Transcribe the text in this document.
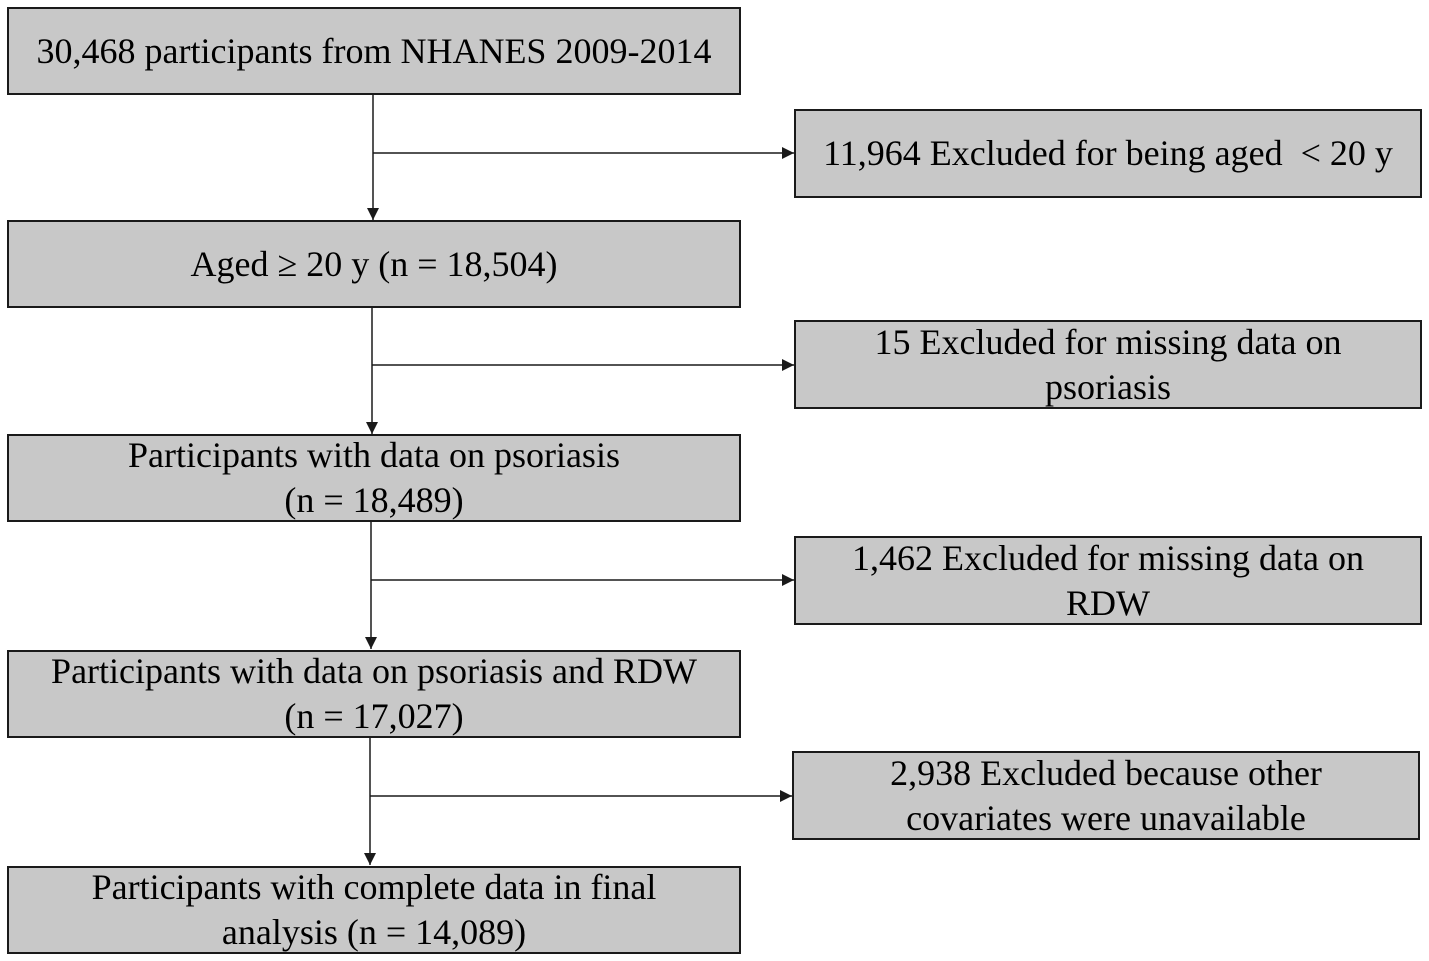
30,468 participants from NHANES 2009-2014
Aged ≥ 20 y (n = 18,504)
Participants with data on psoriasis
(n = 18,489)
Participants with data on psoriasis and RDW
(n = 17,027)
Participants with complete data in final
analysis (n = 14,089)
11,964 Excluded for being aged  < 20 y
15 Excluded for missing data on
psoriasis
1,462 Excluded for missing data on
RDW
2,938 Excluded because other
covariates were unavailable
